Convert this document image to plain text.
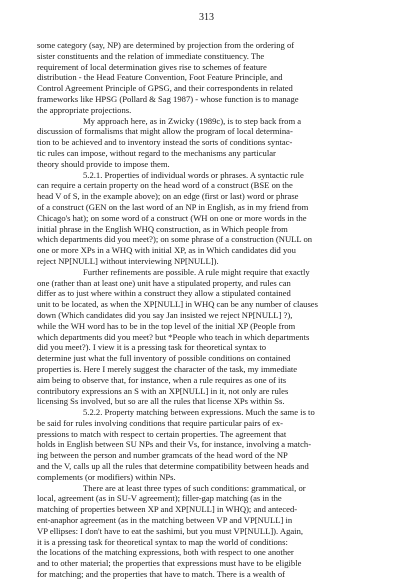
313
some category (say, NP) are determined by projection from the ordering of
sister constituents and the relation of immediate constituency. The
requirement of local determination gives rise to schemes of feature
distribution - the Head Feature Convention, Foot Feature Principle, and
Control Agreement Principle of GPSG, and their correspondents in related
frameworks like HPSG (Pollard & Sag 1987) - whose function is to manage
the appropriate projections.
My approach here, as in Zwicky (1989c), is to step back from a
discussion of formalisms that might allow the program of local determina-
tion to be achieved and to inventory instead the sorts of conditions syntac-
tic rules can impose, without regard to the mechanisms any particular
theory should provide to impose them.
5.2.1. Properties of individual words or phrases. A syntactic rule
can require a certain property on the head word of a construct (BSE on the
head V of S, in the example above); on an edge (first or last) word or phrase
of a construct (GEN on the last word of an NP in English, as in my friend from
Chicago's hat); on some word of a construct (WH on one or more words in the
initial phrase in the English WHQ construction, as in Which people from
which departments did you meet?); on some phrase of a construction (NULL on
one or more XPs in a WHQ with initial XP, as in Which candidates did you
reject NP[NULL] without interviewing NP[NULL]).
Further refinements are possible. A rule might require that exactly
one (rather than at least one) unit have a stipulated property, and rules can
differ as to just where within a construct they allow a stipulated contained
unit to be located, as when the XP[NULL] in WHQ can be any number of clauses
down (Which candidates did you say Jan insisted we reject NP[NULL] ?),
while the WH word has to be in the top level of the initial XP (People from
which departments did you meet? but *People who teach in which departments
did you meet?). I view it is a pressing task for theoretical syntax to
determine just what the full inventory of possible conditions on contained
properties is. Here I merely suggest the character of the task, my immediate
aim being to observe that, for instance, when a rule requires as one of its
contributory expressions an S with an XP[NULL] in it, not only are rules
licensing Ss involved, but so are all the rules that license XPs within Ss.
5.2.2. Property matching between expressions. Much the same is to
be said for rules involving conditions that require particular pairs of ex-
pressions to match with respect to certain properties. The agreement that
holds in English between SU NPs and their Vs, for instance, involving a match-
ing between the person and number gramcats of the head word of the NP
and the V, calls up all the rules that determine compatibility between heads and
complements (or modifiers) within NPs.
There are at least three types of such conditions: grammatical, or
local, agreement (as in SU-V agreement); filler-gap matching (as in the
matching of properties between XP and XP[NULL] in WHQ); and anteced-
ent-anaphor agreement (as in the matching between VP and VP[NULL] in
VP ellipses: I don't have to eat the sashimi, but you must VP[NULL]). Again,
it is a pressing task for theoretical syntax to map the world of conditions:
the locations of the matching expressions, both with respect to one another
and to other material; the properties that expressions must have to be eligible
for matching; and the properties that have to match. There is a wealth of
